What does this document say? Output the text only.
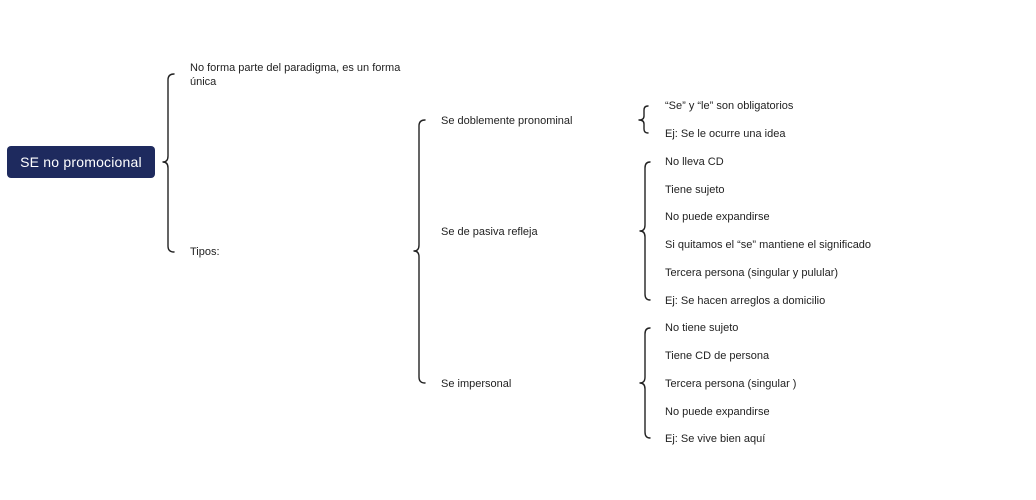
SE no promocional
No forma parte del paradigma, es un forma única
Tipos:
Se doblemente pronominal
Se de pasiva refleja
Se impersonal
“Se” y “le” son obligatorios
Ej: Se le ocurre una idea
No lleva CD
Tiene sujeto
No puede expandirse
Si quitamos el “se” mantiene el significado
Tercera persona (singular y pulular)
Ej: Se hacen arreglos a domicilio
No tiene sujeto
Tiene CD de persona
Tercera persona (singular )
No puede expandirse
Ej: Se vive bien aquí
